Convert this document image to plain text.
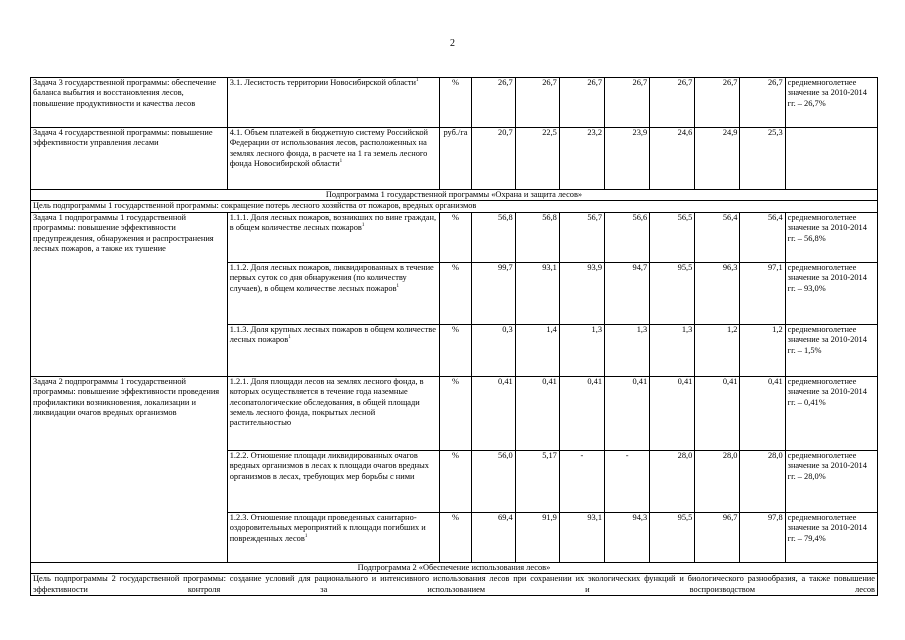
2
Задача 3 государственной программы: обеспечение баланса выбытия и восстановления лесов, повышение продуктивности и качества лесов	3.1. Лесистость территории Новосибирской области$^1$	%	26,7	26,7	26,7	26,7	26,7	26,7	26,7	среднемноголетнее значение за 2010-2014 гг. – 26,7%
Задача 4 государственной программы: повышение эффективности управления лесами	4.1. Объем платежей в бюджетную систему Российской Федерации от использования лесов, расположенных на землях лесного фонда, в расчете на 1 га земель лесного фонда Новосибирской области$^1$	руб./га	20,7	22,5	23,2	23,9	24,6	24,9	25,3	
Подпрограмма 1 государственной программы «Охрана и защита лесов»										
Цель подпрограммы 1 государственной программы: сокращение потерь лесного хозяйства от пожаров, вредных организмов										
Задача 1 подпрограммы 1 государственной программы: повышение эффективности предупреждения, обнаружения и распространения лесных пожаров, а также их тушение	1.1.1. Доля лесных пожаров, возникших по вине граждан, в общем количестве лесных пожаров$^1$	%	56,8	56,8	56,7	56,6	56,5	56,4	56,4	среднемноголетнее значение за 2010-2014 гг. – 56,8%
	1.1.2. Доля лесных пожаров, ликвидированных в течение первых суток со дня обнаружения (по количеству случаев), в общем количестве лесных пожаров$^1$	%	99,7	93,1	93,9	94,7	95,5	96,3	97,1	среднемноголетнее значение за 2010-2014 гг. – 93,0%
	1.1.3. Доля крупных лесных пожаров в общем количестве лесных пожаров$^1$	%	0,3	1,4	1,3	1,3	1,3	1,2	1,2	среднемноголетнее значение за 2010-2014 гг. – 1,5%
Задача 2 подпрограммы 1 государственной программы: повышение эффективности проведения профилактики возникновения, локализации и ликвидации очагов вредных организмов	1.2.1. Доля площади лесов на землях лесного фонда, в которых осуществляется в течение года наземные лесопатологические обследования, в общей площади земель лесного фонда, покрытых лесной растительностью	%	0,41	0,41	0,41	0,41	0,41	0,41	0,41	среднемноголетнее значение за 2010-2014 гг. – 0,41%
	1.2.2. Отношение площади ликвидированных очагов вредных организмов в лесах к площади очагов вредных организмов в лесах, требующих мер борьбы с ними	%	56,0	5,17	-	-	28,0	28,0	28,0	среднемноголетнее значение за 2010-2014 гг. – 28,0%
	1.2.3. Отношение площади проведенных санитарно-оздоровительных мероприятий к площади погибших и поврежденных лесов$^1$	%	69,4	91,9	93,1	94,3	95,5	96,7	97,8	среднемноголетнее значение за 2010-2014 гг. – 79,4%
Подпрограмма 2 «Обеспечение использования лесов»										
Цель подпрограммы 2 государственной программы: создание условий для рационального и интенсивного использования лесов при сохранении их экологических функций и биологического разнообразия, а также повышение эффективности контроля за использованием и воспроизводством лесов										
